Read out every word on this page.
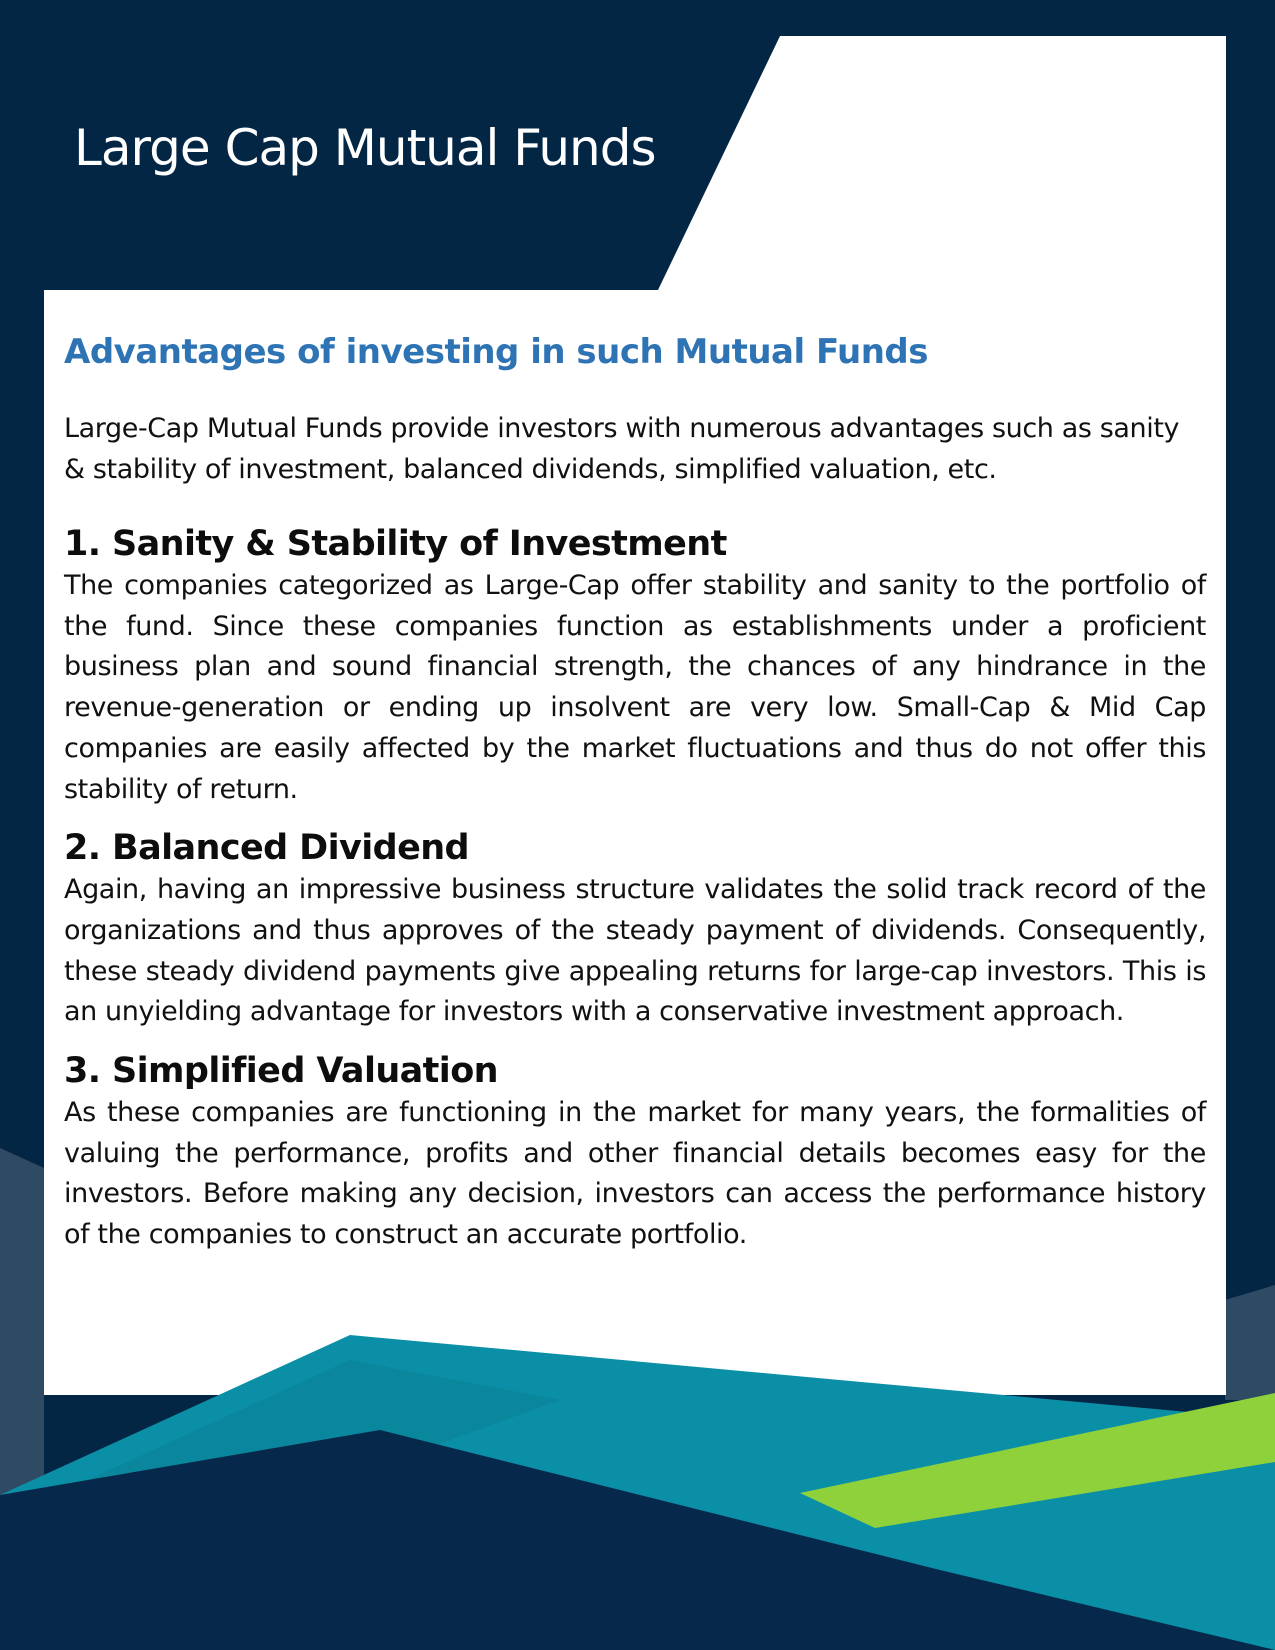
Large Cap Mutual Funds
Advantages of investing in such Mutual Funds

Large-Cap Mutual Funds provide investors with numerous advantages such as sanity & stability of investment, balanced dividends, simplified valuation, etc.

1. Sanity & Stability of Investment

The companies categorized as Large-Cap offer stability and sanity to the portfolio of the fund. Since these companies function as establishments under a proficient business plan and sound financial strength, the chances of any hindrance in the revenue-generation or ending up insolvent are very low. Small-Cap & Mid Cap companies are easily affected by the market fluctuations and thus do not offer this stability of return.

2. Balanced Dividend

Again, having an impressive business structure validates the solid track record of the organizations and thus approves of the steady payment of dividends. Consequently, these steady dividend payments give appealing returns for large-cap investors. This is an unyielding advantage for investors with a conservative investment approach.

3. Simplified Valuation

As these companies are functioning in the market for many years, the formalities of valuing the performance, profits and other financial details becomes easy for the investors. Before making any decision, investors can access the performance history of the companies to construct an accurate portfolio.
